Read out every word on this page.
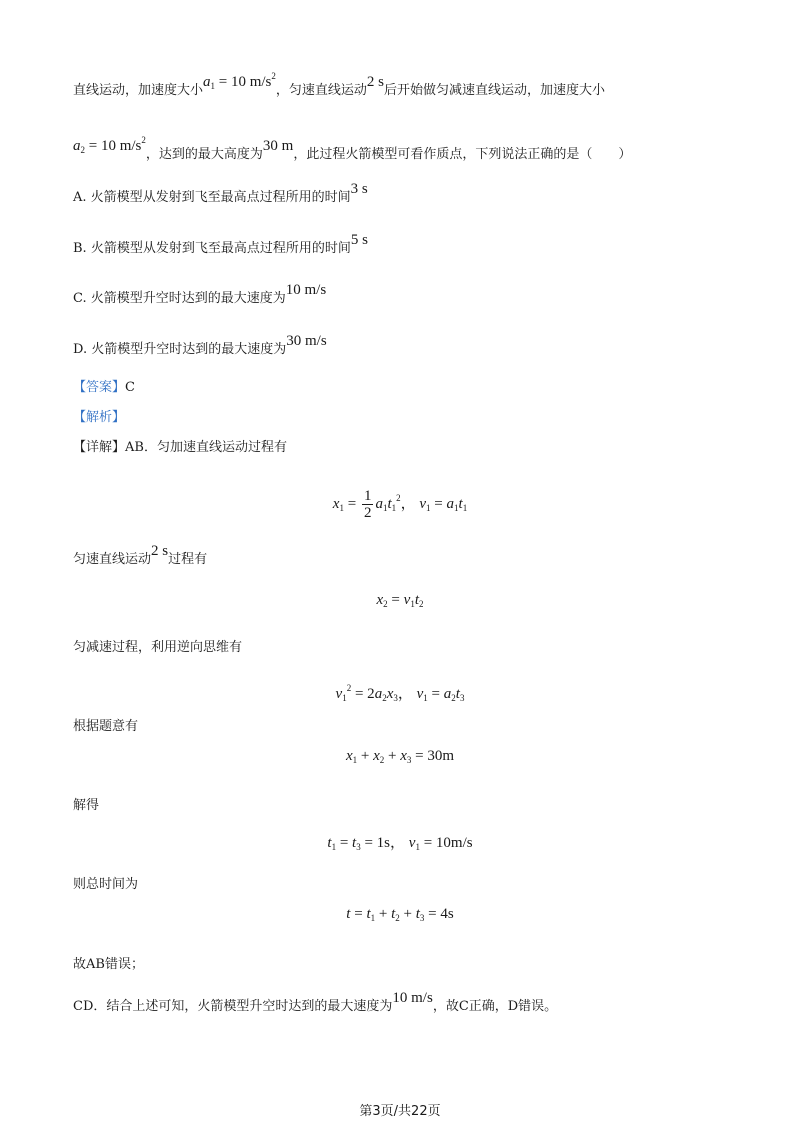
直线运动，加速度大小$a_1 = 10$ $m/s^2$，匀速直线运动2 s后开始做匀减速直线运动，加速度大小
$a_2 = 10$ $m/s^2$，达到的最大高度为30 m，此过程火箭模型可看作质点，下列说法正确的是（　　）
A. 火箭模型从发射到飞至最高点过程所用的时间3 s
B. 火箭模型从发射到飞至最高点过程所用的时间5 s
C. 火箭模型升空时达到的最大速度为10 m/s
D. 火箭模型升空时达到的最大速度为30 m/s
【答案】C
【解析】
【详解】AB．匀加速直线运动过程有
$x_1 = \frac{1}{2} a_1t_1^2$， $v_1 = a_1t_1$
匀速直线运动2 s过程有
$x_2 = v_1t_2$
匀减速过程，利用逆向思维有
$v_1^2 = 2a_2x_3$， $v_1 = a_2t_3$
根据题意有
$x_1 + x_2 + x_3 = 30m$
解得
$t_1 = t_3 = 1s$， $v_1 = 10m/s$
则总时间为
$t = t_1 + t_2 + t_3 = 4s$
故AB错误；
CD．结合上述可知，火箭模型升空时达到的最大速度为10 m/s，故C正确，D错误。
第3页/共22页
